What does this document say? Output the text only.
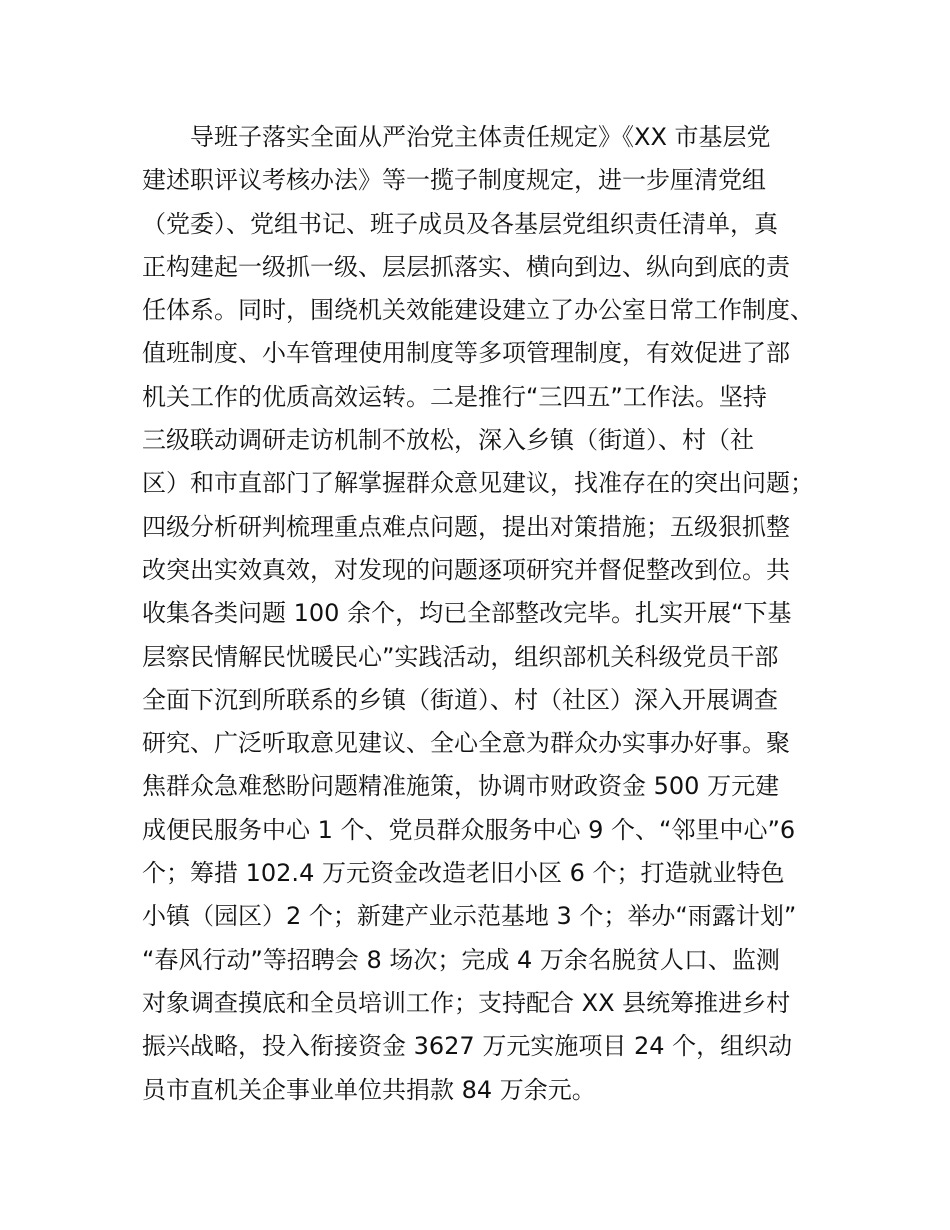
导班子落实全面从严治党主体责任规定》《XX 市基层党
建述职评议考核办法》等一揽子制度规定，进一步厘清党组
（党委）、党组书记、班子成员及各基层党组织责任清单，真
正构建起一级抓一级、层层抓落实、横向到边、纵向到底的责
任体系。同时，围绕机关效能建设建立了办公室日常工作制度、
值班制度、小车管理使用制度等多项管理制度，有效促进了部
机关工作的优质高效运转。二是推行“三四五”工作法。坚持
三级联动调研走访机制不放松，深入乡镇（街道）、村（社
区）和市直部门了解掌握群众意见建议，找准存在的突出问题；
四级分析研判梳理重点难点问题，提出对策措施；五级狠抓整
改突出实效真效，对发现的问题逐项研究并督促整改到位。共
收集各类问题 100 余个，均已全部整改完毕。扎实开展“下基
层察民情解民忧暖民心”实践活动，组织部机关科级党员干部
全面下沉到所联系的乡镇（街道）、村（社区）深入开展调查
研究、广泛听取意见建议、全心全意为群众办实事办好事。聚
焦群众急难愁盼问题精准施策，协调市财政资金 500 万元建
成便民服务中心 1 个、党员群众服务中心 9 个、“邻里中心”6
个；筹措 102.4 万元资金改造老旧小区 6 个；打造就业特色
小镇（园区）2 个；新建产业示范基地 3 个；举办“雨露计划”
“春风行动”等招聘会 8 场次；完成 4 万余名脱贫人口、监测
对象调查摸底和全员培训工作；支持配合 XX 县统筹推进乡村
振兴战略，投入衔接资金 3627 万元实施项目 24 个，组织动
员市直机关企事业单位共捐款 84 万余元。
